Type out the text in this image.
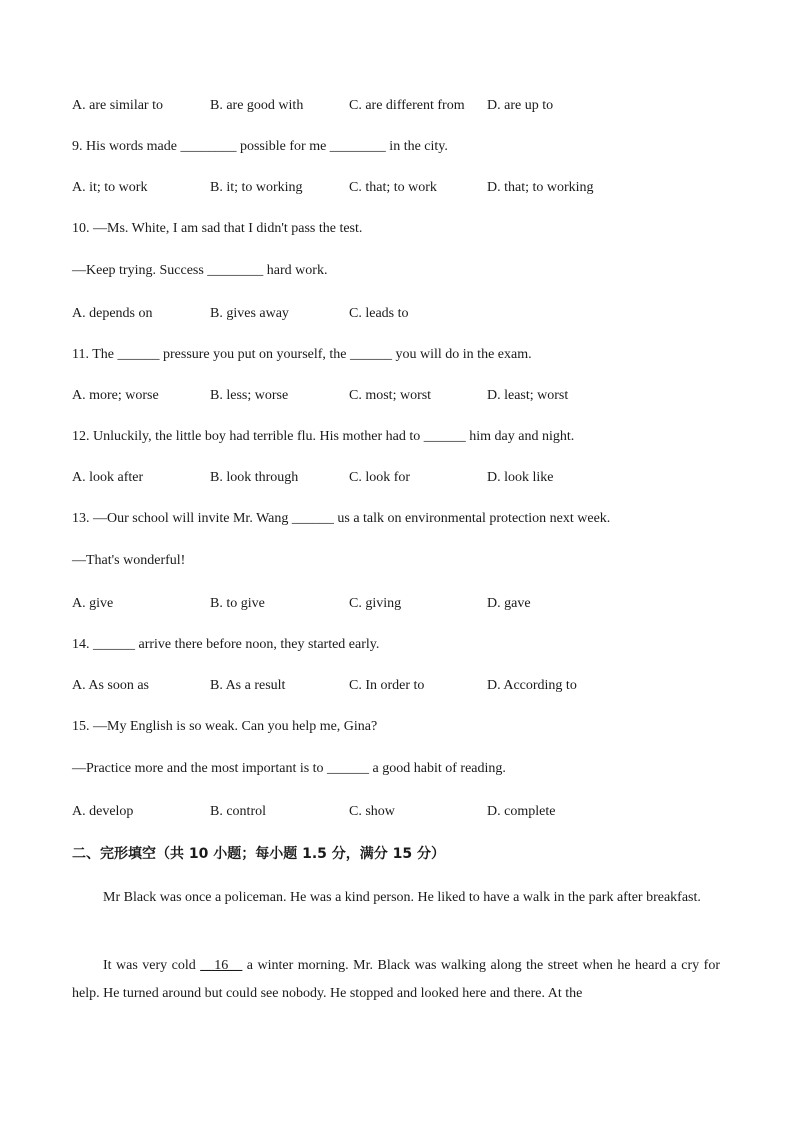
A. are similar to	B. are good with	C. are different from D. are up to
9. His words made ________ possible for me ________ in the city.
A. it; to work	B. it; to working	C. that; to work	D. that; to working
10. —Ms. White, I am sad that I didn't pass the test.
—Keep trying. Success ________ hard work.
A. depends on	B. gives away	C. leads to
11. The ______ pressure you put on yourself, the ______ you will do in the exam.
A. more; worse	B. less; worse	C. most; worst	D. least; worst
12. Unluckily, the little boy had terrible flu. His mother had to ______ him day and night.
A. look after	B. look through	C. look for	D. look like
13. —Our school will invite Mr. Wang ______ us a talk on environmental protection next week.
—That's wonderful!
A. give	B. to give	C. giving	D. gave
14. ______ arrive there before noon, they started early.
A. As soon as	B. As a result	C. In order to	D. According to
15. —My English is so weak. Can you help me, Gina?
—Practice more and the most important is to ______ a good habit of reading.
A. develop	B. control	C. show	D. complete
二、完形填空（共 10 小题；每小题 1.5 分，满分 15 分）
Mr Black was once a policeman. He was a kind person. He liked to have a walk in the park after breakfast.
It was very cold __16__ a winter morning. Mr. Black was walking along the street when he heard a cry for help. He turned around but could see nobody. He stopped and looked here and there. At the
